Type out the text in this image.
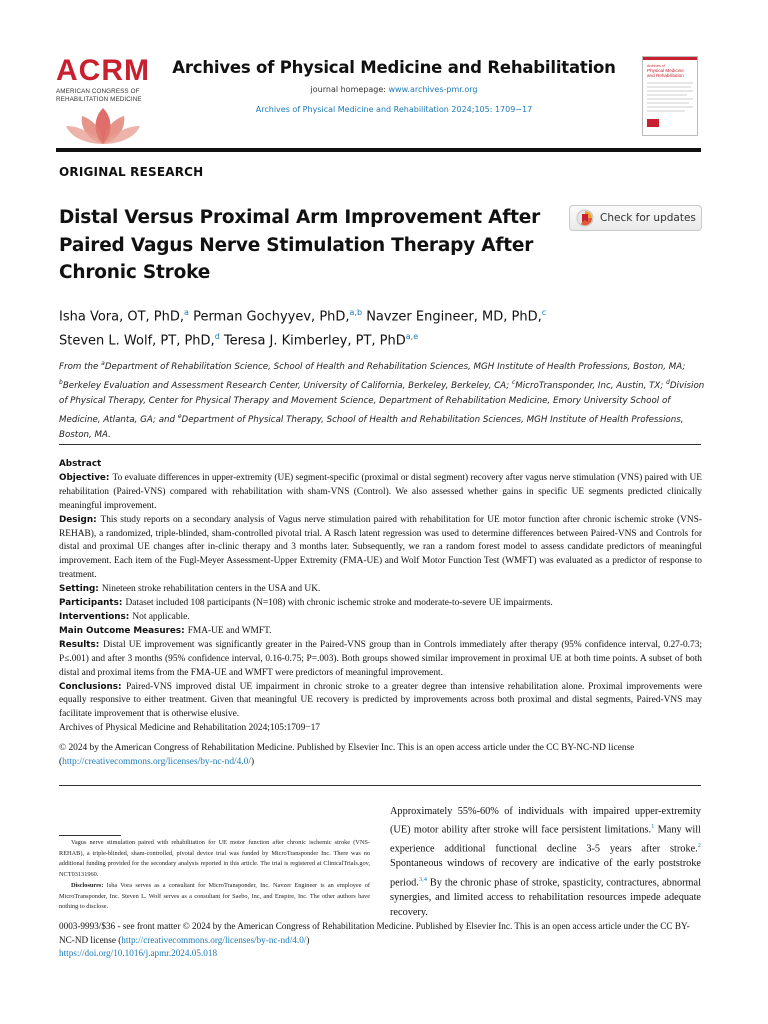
ACRM
AMERICAN CONGRESS OF
REHABILITATION MEDICINE
Archives of Physical Medicine and Rehabilitation
journal homepage: www.archives-pmr.org
Archives of Physical Medicine and Rehabilitation 2024;105: 1709−17
Archives of
Physical Medicine
and Rehabilitation
ORIGINAL RESEARCH
Distal Versus Proximal Arm Improvement After
Paired Vagus Nerve Stimulation Therapy After
Chronic Stroke
Check for updates
Isha Vora, OT, PhD,$^a$ Perman Gochyyev, PhD,$^{a,b}$ Navzer Engineer, MD, PhD,$^c$
Steven L. Wolf, PT, PhD,$^d$ Teresa J. Kimberley, PT, PhD$^{a,e}$
From the $^a$Department of Rehabilitation Science, School of Health and Rehabilitation Sciences, MGH Institute of Health Professions, Boston, MA; $^b$Berkeley Evaluation and Assessment Research Center, University of California, Berkeley, Berkeley, CA; $^c$MicroTransponder, Inc, Austin, TX; $^d$Division of Physical Therapy, Center for Physical Therapy and Movement Science, Department of Rehabilitation Medicine, Emory University School of Medicine, Atlanta, GA; and $^e$Department of Physical Therapy, School of Health and Rehabilitation Sciences, MGH Institute of Health Professions, Boston, MA.

Abstract

Objective: To evaluate differences in upper-extremity (UE) segment-specific (proximal or distal segment) recovery after vagus nerve stimulation (VNS) paired with UE rehabilitation (Paired-VNS) compared with rehabilitation with sham-VNS (Control). We also assessed whether gains in specific UE segments predicted clinically meaningful improvement.

Design: This study reports on a secondary analysis of Vagus nerve stimulation paired with rehabilitation for UE motor function after chronic ischemic stroke (VNS-REHAB), a randomized, triple-blinded, sham-controlled pivotal trial. A Rasch latent regression was used to determine differences between Paired-VNS and Controls for distal and proximal UE changes after in-clinic therapy and 3 months later. Subsequently, we ran a random forest model to assess candidate predictors of meaningful improvement. Each item of the Fugl-Meyer Assessment-Upper Extremity (FMA-UE) and Wolf Motor Function Test (WMFT) was evaluated as a predictor of response to treatment.

Setting: Nineteen stroke rehabilitation centers in the USA and UK.

Participants: Dataset included 108 participants (N=108) with chronic ischemic stroke and moderate-to-severe UE impairments.

Interventions: Not applicable.

Main Outcome Measures: FMA-UE and WMFT.

Results: Distal UE improvement was significantly greater in the Paired-VNS group than in Controls immediately after therapy (95% confidence interval, 0.27-0.73; P≤.001) and after 3 months (95% confidence interval, 0.16-0.75; P=.003). Both groups showed similar improvement in proximal UE at both time points. A subset of both distal and proximal items from the FMA-UE and WMFT were predictors of meaningful improvement.

Conclusions: Paired-VNS improved distal UE impairment in chronic stroke to a greater degree than intensive rehabilitation alone. Proximal improvements were equally responsive to either treatment. Given that meaningful UE recovery is predicted by improvements across both proximal and distal segments, Paired-VNS may facilitate improvement that is otherwise elusive.

Archives of Physical Medicine and Rehabilitation 2024;105:1709−17

© 2024 by the American Congress of Rehabilitation Medicine. Published by Elsevier Inc. This is an open access article under the CC BY-NC-ND license (http://creativecommons.org/licenses/by-nc-nd/4.0/)

Vagus nerve stimulation paired with rehabilitation for UE motor function after chronic ischemic stroke (VNS-REHAB), a triple-blinded, sham-controlled, pivotal device trial was funded by MicroTransponder Inc. There was no additional funding provided for the secondary analysis reported in this article. The trial is registered at ClinicalTrials.gov, NCT03131960.

Disclosures: Isha Vora serves as a consultant for MicroTransponder, Inc. Navzer Engineer is an employee of MicroTransponder, Inc. Steven L. Wolf serves as a consultant for Saebo, Inc, and Enspire, Inc. The other authors have nothing to disclose.

Approximately 55%-60% of individuals with impaired upper-extremity (UE) motor ability after stroke will face persistent limitations.$^1$ Many will experience additional functional decline 3-5 years after stroke.$^2$ Spontaneous windows of recovery are indicative of the early poststroke period.$^{3,4}$ By the chronic phase of stroke, spasticity, contractures, abnormal synergies, and limited access to rehabilitation resources impede adequate recovery.
0003-9993/$36 - see front matter © 2024 by the American Congress of Rehabilitation Medicine. Published by Elsevier Inc. This is an open access article under the CC BY-NC-ND license (http://creativecommons.org/licenses/by-nc-nd/4.0/)
https://doi.org/10.1016/j.apmr.2024.05.018
